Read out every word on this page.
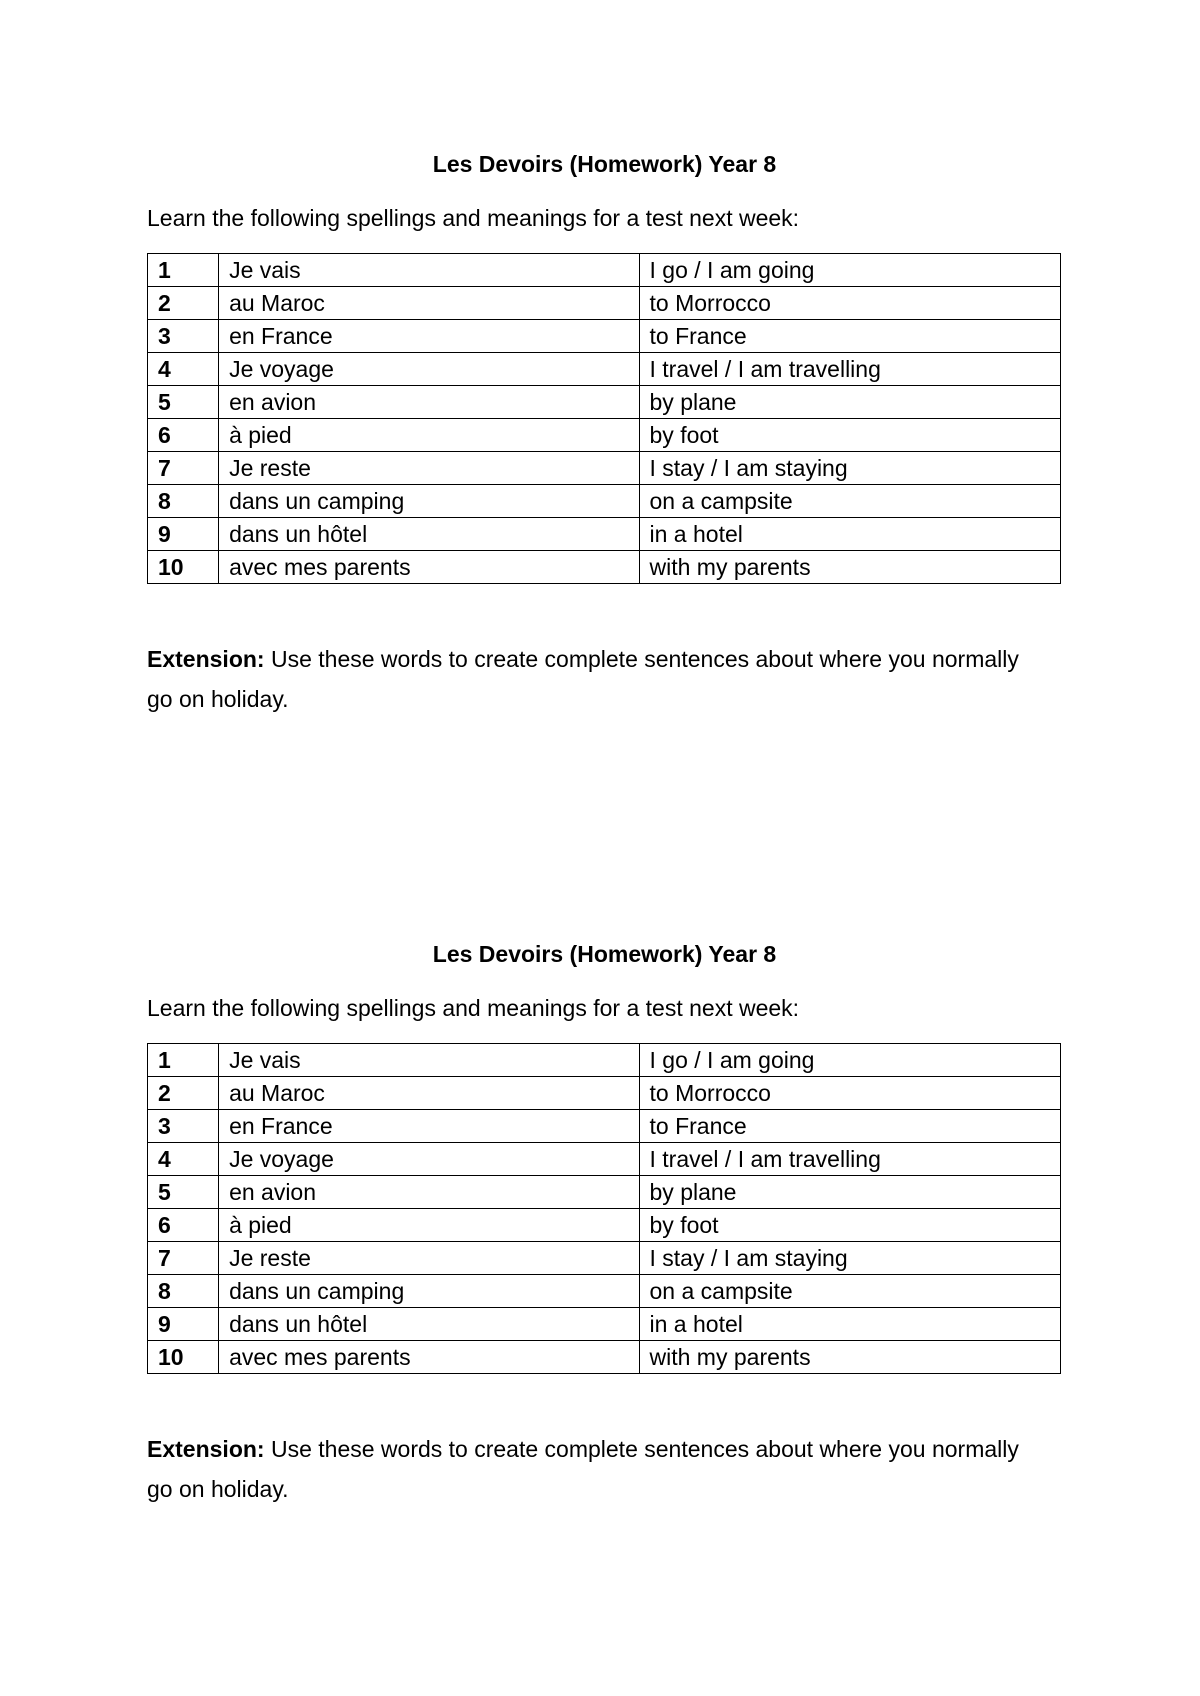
Les Devoirs (Homework) Year 8

Learn the following spellings and meanings for a test next week:

1	Je vais	I go / I am going
2	au Maroc	to Morrocco
3	en France	to France
4	Je voyage	I travel / I am travelling
5	en avion	by plane
6	à pied	by foot
7	Je reste	I stay / I am staying
8	dans un camping	on a campsite
9	dans un hôtel	in a hotel
10	avec mes parents	with my parents

Extension: Use these words to create complete sentences about where you normally go on holiday.

Les Devoirs (Homework) Year 8

Learn the following spellings and meanings for a test next week:

1	Je vais	I go / I am going
2	au Maroc	to Morrocco
3	en France	to France
4	Je voyage	I travel / I am travelling
5	en avion	by plane
6	à pied	by foot
7	Je reste	I stay / I am staying
8	dans un camping	on a campsite
9	dans un hôtel	in a hotel
10	avec mes parents	with my parents

Extension: Use these words to create complete sentences about where you normally go on holiday.
